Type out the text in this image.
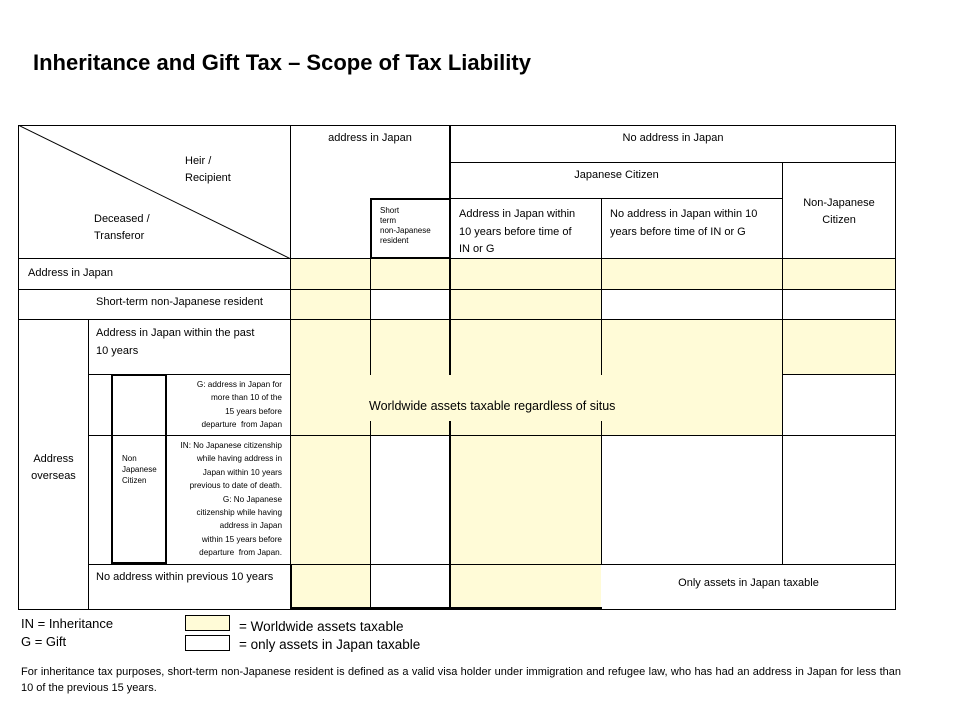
Inheritance and Gift Tax – Scope of Tax Liability
Heir /
Recipient
Deceased /
Transferor
address in Japan	No address in Japan
Japanese Citizen
Non-Japanese
Citizen
Short
term
non-Japanese
resident
Address in Japan within
10 years before time of
IN or G
No address in Japan within 10
years before time of IN or G
Address in Japan
Short-term non-Japanese resident
Address
overseas
Address in Japan within the past
10 years
Non
Japanese
Citizen
G: address in Japan for
more than 10 of the
15 years before
departure  from Japan
IN: No Japanese citizenship
while having address in
Japan within 10 years
previous to date of death.
G: No Japanese
citizenship while having
address in Japan
within 15 years before
departure  from Japan.
No address within previous 10 years
Worldwide assets taxable regardless of situs
Only assets in Japan taxable
IN = Inheritance
G = Gift
= Worldwide assets taxable
= only assets in Japan taxable
For inheritance tax purposes, short-term non-Japanese resident is defined as a valid visa holder under immigration and refugee law, who has had an address in Japan for less than 10 of the previous 15 years.
